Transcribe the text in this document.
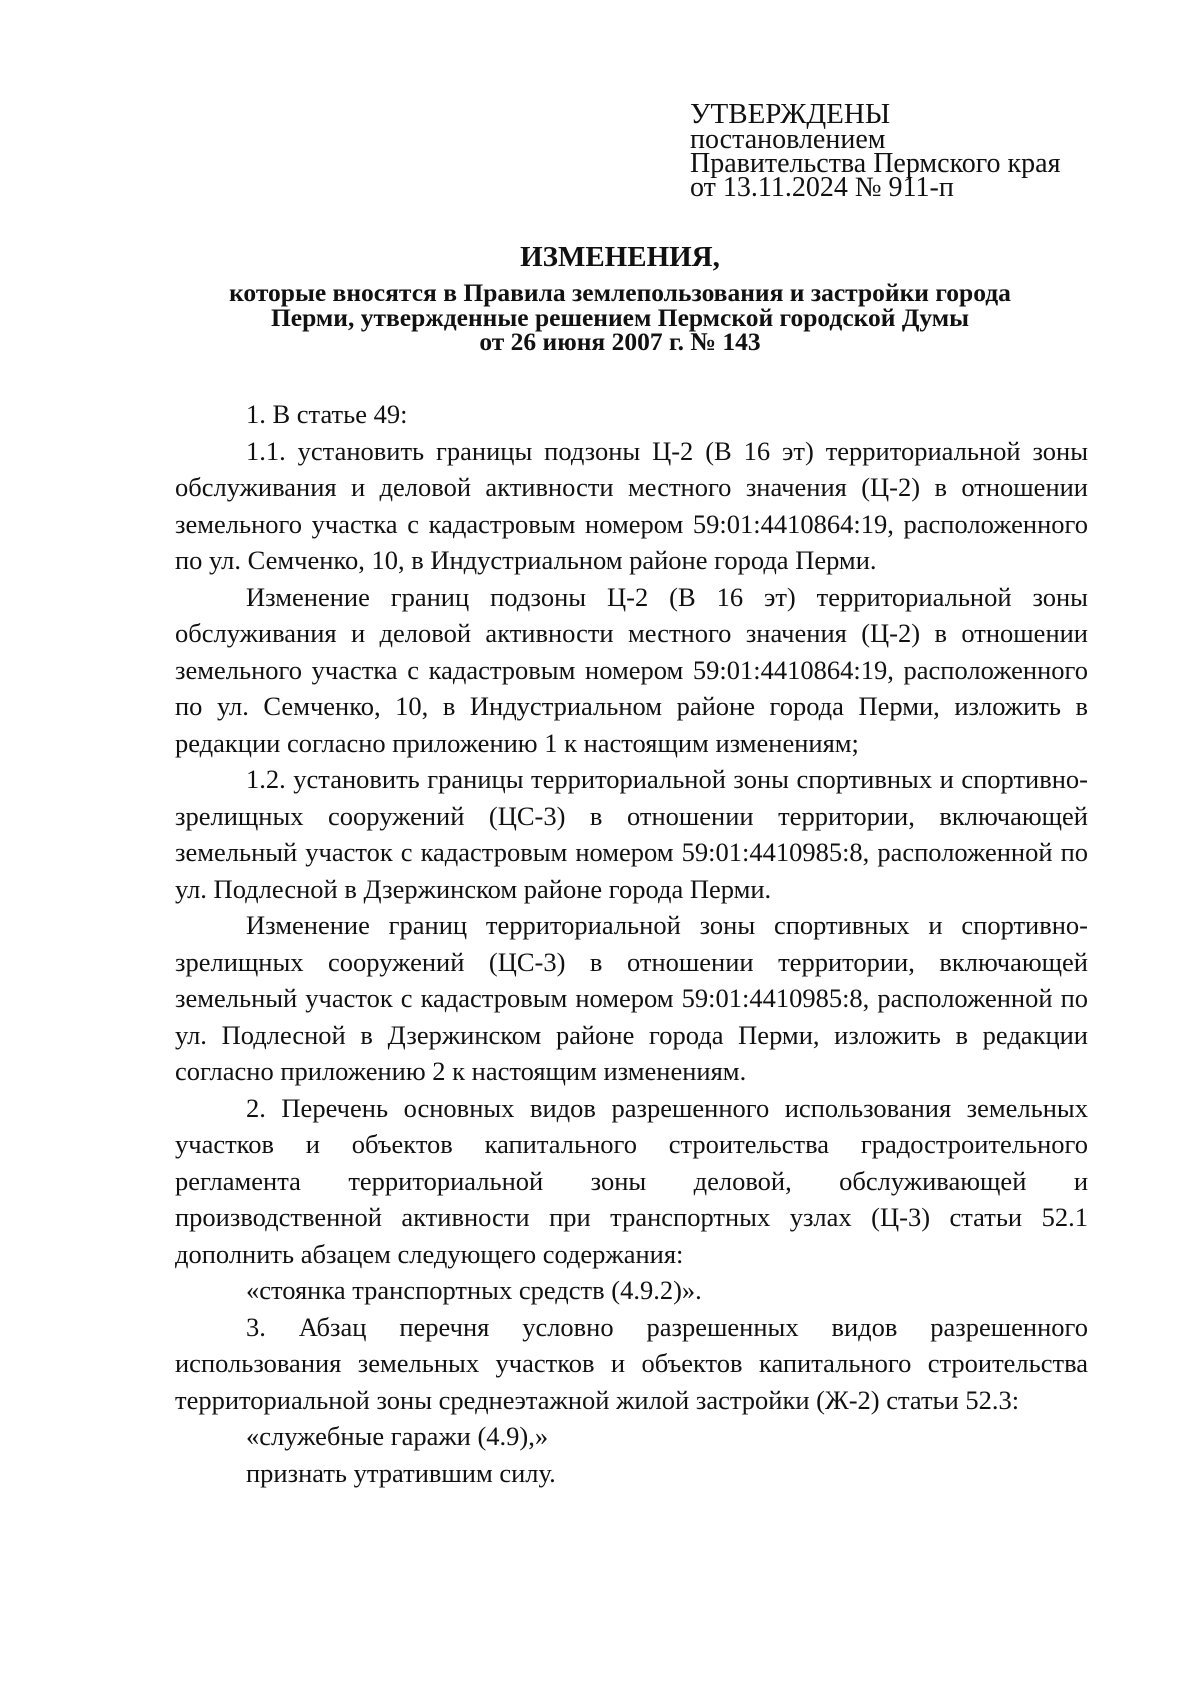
УТВЕРЖДЕНЫ
постановлением
Правительства Пермского края
от 13.11.2024 № 911-п
ИЗМЕНЕНИЯ,
которые вносятся в Правила землепользования и застройки города
Перми, утвержденные решением Пермской городской Думы
от 26 июня 2007 г. № 143

1. В статье 49:

1.1. установить границы подзоны Ц-2 (В 16 эт) территориальной зоны обслуживания и деловой активности местного значения (Ц-2) в отношении земельного участка с кадастровым номером 59:01:4410864:19, расположенного по ул. Семченко, 10, в Индустриальном районе города Перми.

Изменение границ подзоны Ц-2 (В 16 эт) территориальной зоны обслуживания и деловой активности местного значения (Ц-2) в отношении земельного участка с кадастровым номером 59:01:4410864:19, расположенного по ул. Семченко, 10, в Индустриальном районе города Перми, изложить в редакции согласно приложению 1 к настоящим изменениям;

1.2. установить границы территориальной зоны спортивных и спортивно-зрелищных сооружений (ЦС-3) в отношении территории, включающей земельный участок с кадастровым номером 59:01:4410985:8, расположенной по ул. Подлесной в Дзержинском районе города Перми.

Изменение границ территориальной зоны спортивных и спортивно-зрелищных сооружений (ЦС-3) в отношении территории, включающей земельный участок с кадастровым номером 59:01:4410985:8, расположенной по ул. Подлесной в Дзержинском районе города Перми, изложить в редакции согласно приложению 2 к настоящим изменениям.

2. Перечень основных видов разрешенного использования земельных участков и объектов капитального строительства градостроительного регламента территориальной зоны деловой, обслуживающей и производственной активности при транспортных узлах (Ц-3) статьи 52.1 дополнить абзацем следующего содержания:

«стоянка транспортных средств (4.9.2)».

3. Абзац перечня условно разрешенных видов разрешенного использования земельных участков и объектов капитального строительства территориальной зоны среднеэтажной жилой застройки (Ж-2) статьи 52.3:

«служебные гаражи (4.9),»

признать утратившим силу.
